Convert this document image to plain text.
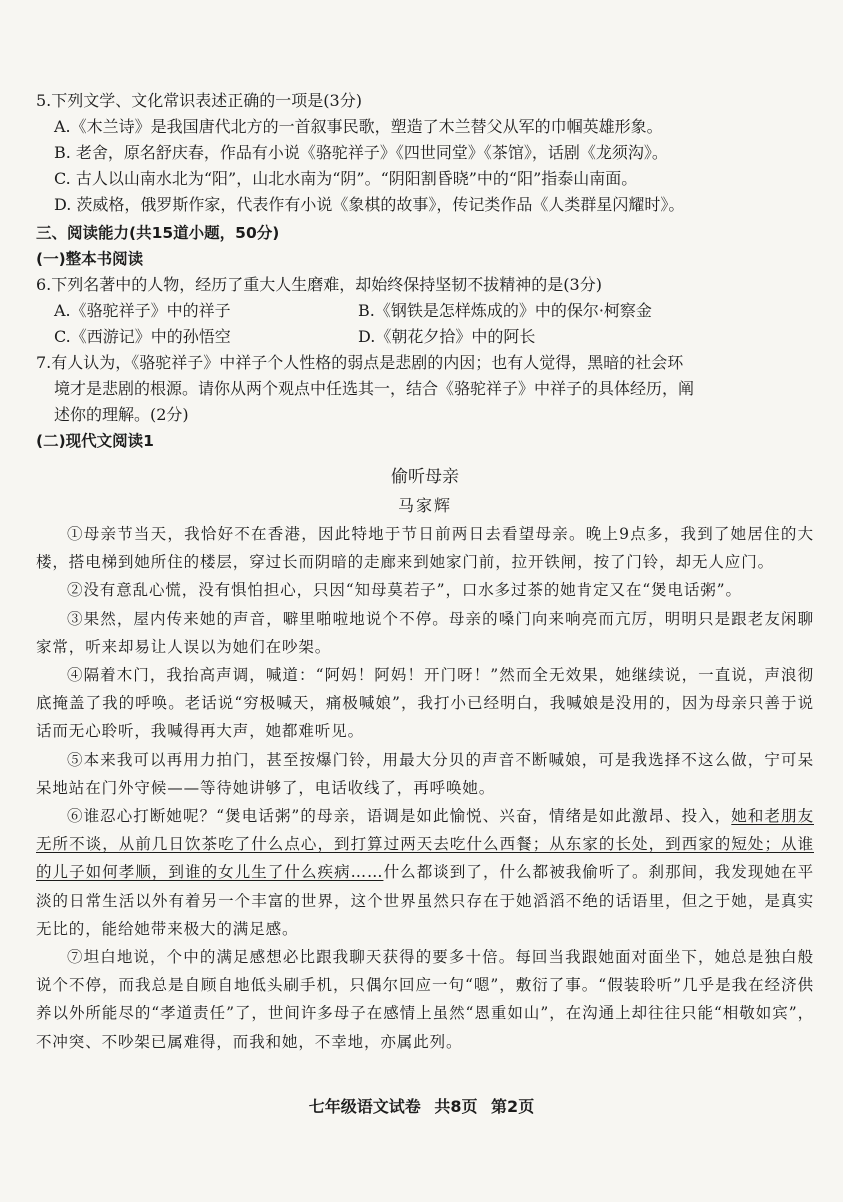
5.下列文学、文化常识表述正确的一项是(3分)
A.《木兰诗》是我国唐代北方的一首叙事民歌，塑造了木兰替父从军的巾帼英雄形象。
B. 老舍，原名舒庆春，作品有小说《骆驼祥子》《四世同堂》《茶馆》，话剧《龙须沟》。
C. 古人以山南水北为“阳”，山北水南为“阴”。“阴阳割昏晓”中的“阳”指泰山南面。
D. 茨威格，俄罗斯作家，代表作有小说《象棋的故事》，传记类作品《人类群星闪耀时》。
三、阅读能力(共15道小题，50分)
(一)整本书阅读
6.下列名著中的人物，经历了重大人生磨难，却始终保持坚韧不拔精神的是(3分)
A.《骆驼祥子》中的祥子	B.《钢铁是怎样炼成的》中的保尔·柯察金
C.《西游记》中的孙悟空	D.《朝花夕拾》中的阿长
7.有人认为，《骆驼祥子》中祥子个人性格的弱点是悲剧的内因；也有人觉得，黑暗的社会环
境才是悲剧的根源。请你从两个观点中任选其一，结合《骆驼祥子》中祥子的具体经历，阐
述你的理解。(2分)
(二)现代文阅读1
偷听母亲
马家辉
①母亲节当天，我恰好不在香港，因此特地于节日前两日去看望母亲。晚上9点多，我到了她居住的大楼，搭电梯到她所住的楼层，穿过长而阴暗的走廊来到她家门前，拉开铁闸，按了门铃，却无人应门。
②没有意乱心慌，没有惧怕担心，只因“知母莫若子”，口水多过茶的她肯定又在“煲电话粥”。
③果然，屋内传来她的声音，噼里啪啦地说个不停。母亲的嗓门向来响亮而亢厉，明明只是跟老友闲聊家常，听来却易让人误以为她们在吵架。
④隔着木门，我抬高声调，喊道：“阿妈！阿妈！开门呀！”然而全无效果，她继续说，一直说，声浪彻底掩盖了我的呼唤。老话说“穷极喊天，痛极喊娘”，我打小已经明白，我喊娘是没用的，因为母亲只善于说话而无心聆听，我喊得再大声，她都难听见。
⑤本来我可以再用力拍门，甚至按爆门铃，用最大分贝的声音不断喊娘，可是我选择不这么做，宁可呆呆地站在门外守候——等待她讲够了，电话收线了，再呼唤她。
⑥谁忍心打断她呢？“煲电话粥”的母亲，语调是如此愉悦、兴奋，情绪是如此激昂、投入，她和老朋友无所不谈，从前几日饮茶吃了什么点心，到打算过两天去吃什么西餐；从东家的长处，到西家的短处；从谁的儿子如何孝顺，到谁的女儿生了什么疾病……什么都谈到了，什么都被我偷听了。刹那间，我发现她在平淡的日常生活以外有着另一个丰富的世界，这个世界虽然只存在于她滔滔不绝的话语里，但之于她，是真实无比的，能给她带来极大的满足感。
⑦坦白地说，个中的满足感想必比跟我聊天获得的要多十倍。每回当我跟她面对面坐下，她总是独白般说个不停，而我总是自顾自地低头刷手机，只偶尔回应一句“嗯”，敷衍了事。“假装聆听”几乎是我在经济供养以外所能尽的“孝道责任”了，世间许多母子在感情上虽然“恩重如山”，在沟通上却往往只能“相敬如宾”，不冲突、不吵架已属难得，而我和她，不幸地，亦属此列。
七年级语文试卷 共8页 第2页
